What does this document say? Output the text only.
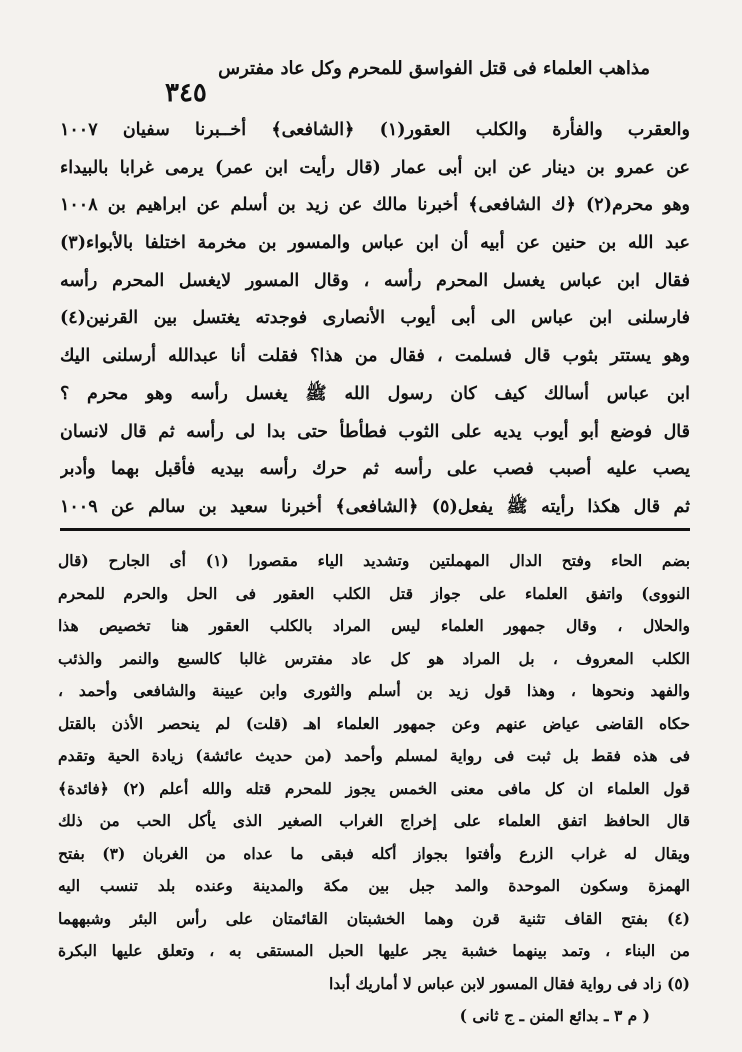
مذاهب العلماء فى قتل الفواسق للمحرم وكل عاد مفترس
٣٤٥
والعقرب والفأرة والكلب العقور(١) ﴿الشافعى﴾ أخــبرنا سفيان ١٠٠٧
عن عمرو بن دينار عن ابن أبى عمار (قال رأيت ابن عمر) يرمى غرابا بالبيداء
وهو محرم(٢) ﴿ك الشافعى﴾ أخبرنا مالك عن زيد بن أسلم عن ابراهيم بن ١٠٠٨
عبد الله بن حنين عن أبيه أن ابن عباس والمسور بن مخرمة اختلفا بالأبواء(٣)
فقال ابن عباس يغسل المحرم رأسه ، وقال المسور لايغسل المحرم رأسه
فارسلنى ابن عباس الى أبى أيوب الأنصارى فوجدته يغتسل بين القرنين(٤)
وهو يستتر بثوب قال فسلمت ، فقال من هذا؟ فقلت أنا عبدالله أرسلنى اليك
ابن عباس أسالك كيف كان رسول الله ﷺ يغسل رأسه وهو محرم ؟
قال فوضع أبو أيوب يديه على الثوب فطأطأ حتى بدا لى رأسه ثم قال لانسان
يصب عليه أصبب فصب على رأسه ثم حرك رأسه بيديه فأقبل بهما وأدبر
ثم قال هكذا رأيته ﷺ يفعل(٥) ﴿الشافعى﴾ أخبرنا سعيد بن سالم عن ١٠٠٩
بضم الحاء وفتح الدال المهملتين وتشديد الياء مقصورا (١) أى الجارح (قال
النووى) واتفق العلماء على جواز قتل الكلب العقور فى الحل والحرم للمحرم
والحلال ، وقال جمهور العلماء ليس المراد بالكلب العقور هنا تخصيص هذا
الكلب المعروف ، بل المراد هو كل عاد مفترس غالبا كالسبع والنمر والذئب
والفهد ونحوها ، وهذا قول زيد بن أسلم والثورى وابن عيينة والشافعى وأحمد ،
حكاه القاضى عياض عنهم وعن جمهور العلماء اهـ (قلت) لم ينحصر الأذن بالقتل
فى هذه فقط بل ثبت فى رواية لمسلم وأحمد (من حديث عائشة) زيادة الحية وتقدم
قول العلماء ان كل مافى معنى الخمس يجوز للمحرم قتله والله أعلم (٢) ﴿فائدة﴾
قال الحافظ اتفق العلماء على إخراج الغراب الصغير الذى يأكل الحب من ذلك
ويقال له غراب الزرع وأفتوا بجواز أكله فبقى ما عداه من الغربان (٣) بفتح
الهمزة وسكون الموحدة والمد جبل بين مكة والمدينة وعنده بلد تنسب اليه
(٤) بفتح القاف تثنية قرن وهما الخشبتان القائمتان على رأس البئر وشبههما
من البناء ، وتمد بينهما خشبة يجر عليها الحبل المستقى به ، وتعلق عليها البكرة
(٥) زاد فى رواية فقال المسور لابن عباس لا أماريك أبدا
( م ٣ ـ بدائع المنن ـ ج ثانى )
